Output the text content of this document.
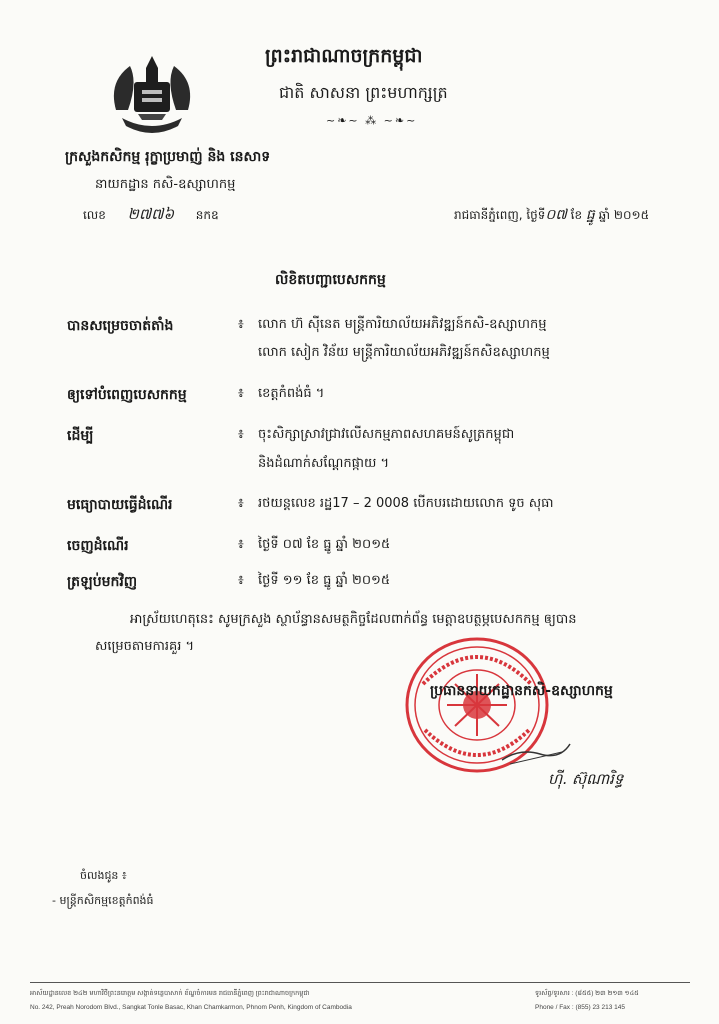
ព្រះរាជាណាចក្រកម្ពុជា
ជាតិ សាសនា ព្រះមហាក្សត្រ
~❧~ ⁂ ~❧~
ក្រសួងកសិកម្ម រុក្ខាប្រមាញ់ និង នេសាទ
នាយកដ្ឋាន កសិ-ឧស្សាហកម្ម
លេខ ២៧៧៦ នកឧ	រាជធានីភ្នំពេញ, ថ្ងៃទី០៧ ខែ ធ្នូ ឆ្នាំ ២០១៥
លិខិតបញ្ជាបេសកកម្ម
បានសម្រេចចាត់តាំង	៖ លោក ហ៊ ស៊ីនេត មន្ត្រីការិយាល័យអភិវឌ្ឍន៍កសិ-ឧស្សាហកម្ម
លោក សៀក វិន័យ មន្ត្រីការិយាល័យអភិវឌ្ឍន៍កសិឧស្សាហកម្ម
ឲ្យទៅបំពេញបេសកកម្ម	៖ ខេត្តកំពង់ធំ ។
ដើម្បី	៖ ចុះសិក្សាស្រាវជ្រាវលើសកម្មភាពសហគមន៍សូត្រកម្ពុជា
និងដំណាក់សណ្តែកផ្កាយ ។
មធ្យោបាយធ្វើដំណើរ	៖ រថយន្តលេខ រដ្ឋ17 – 2 0008 បើកបរដោយលោក ទូច សុធា
ចេញដំណើរ	៖ ថ្ងៃទី ០៧ ខែ ធ្នូ ឆ្នាំ ២០១៥
ត្រឡប់មកវិញ	៖ ថ្ងៃទី ១១ ខែ ធ្នូ ឆ្នាំ ២០១៥
អាស្រ័យហេតុនេះ សូមក្រសួង ស្ថាប័ន្ធានសមត្ថកិច្ចដែលពាក់ព័ន្ធ មេត្តាឧបត្ថម្ភបេសកកម្ម ឲ្យបាន
សម្រេចតាមការគួរ ។
ប្រធាននាយកដ្ឋានកសិ-ឧស្សាហកម្ម
ហ៊ី. ស៊ុណារិទ្ធ
ចំលងជូន ៖
- មន្ត្រីកសិកម្មខេត្តកំពង់ធំ
អាស័យដ្ឋានលេខ ២៤២ មហាវិថីព្រះនរោត្តម សង្កាត់ទន្លេបាសាក់ ខ័ណ្ឌចំការមន រាជធានីភ្នំពេញ ព្រះរាជាណាចក្រកម្ពុជា
No. 242, Preah Norodom Blvd., Sangkat Tonle Basac, Khan Chamkarmon, Phnom Penh, Kingdom of Cambodia
ទូរស័ព្ទ/ទូរសារ : (៨៥៥) ២៣ ២១៣ ១៤៥
Phone / Fax : (855) 23 213 145
